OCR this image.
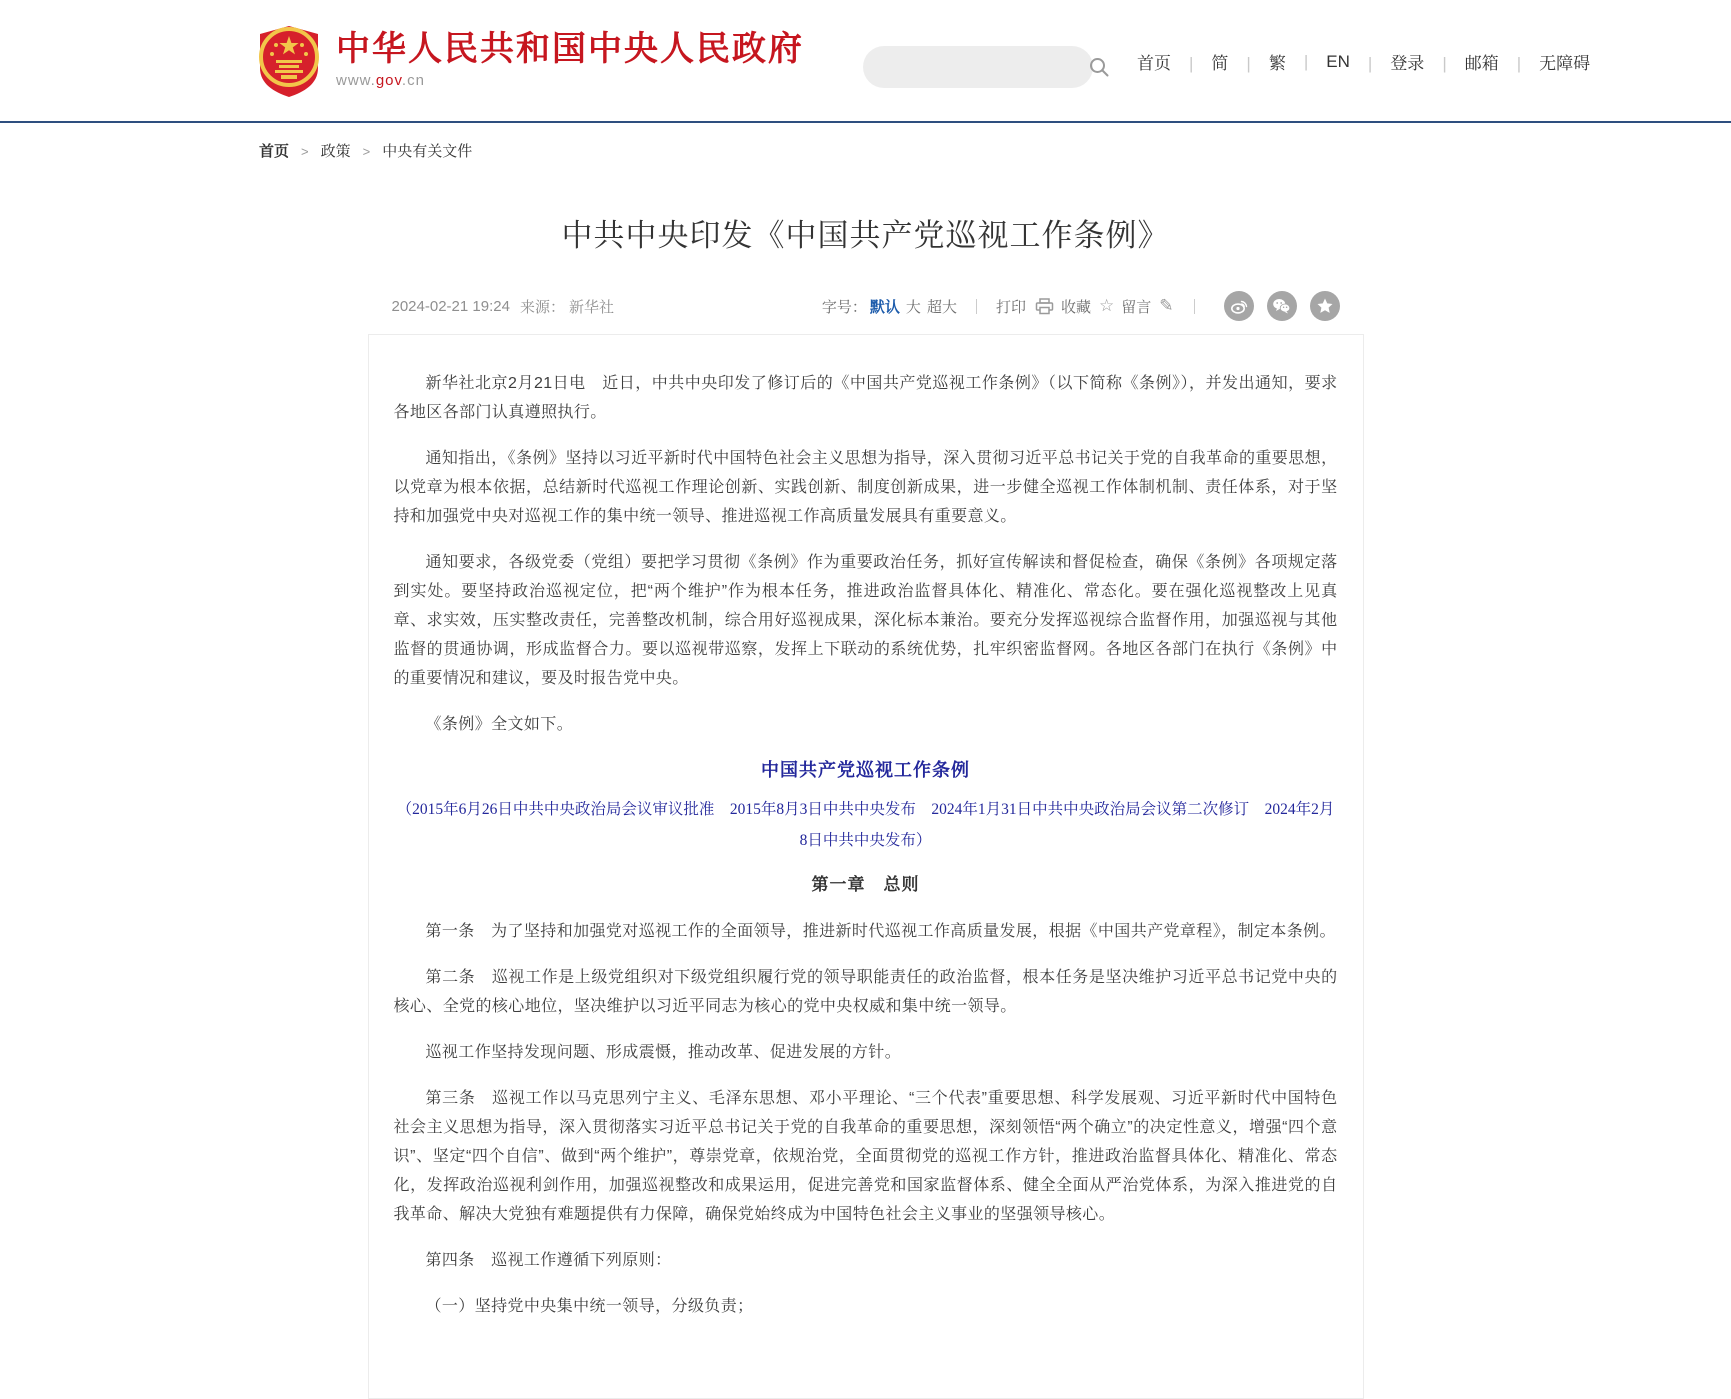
中华人民共和国中央人民政府
www.gov.cn
首页	| 简	| 繁	| EN	| 登录	| 邮箱	| 无障碍
首页	> 政策	> 中央有关文件
中共中央印发《中国共产党巡视工作条例》
2024-02-21 19:24 来源： 新华社	字号： 默认 大 超大	打印 收藏 ☆ 留言 ✎

新华社北京2月21日电　近日，中共中央印发了修订后的《中国共产党巡视工作条例》（以下简称《条例》），并发出通知，要求各地区各部门认真遵照执行。

通知指出，《条例》坚持以习近平新时代中国特色社会主义思想为指导，深入贯彻习近平总书记关于党的自我革命的重要思想，以党章为根本依据，总结新时代巡视工作理论创新、实践创新、制度创新成果，进一步健全巡视工作体制机制、责任体系，对于坚持和加强党中央对巡视工作的集中统一领导、推进巡视工作高质量发展具有重要意义。

通知要求，各级党委（党组）要把学习贯彻《条例》作为重要政治任务，抓好宣传解读和督促检查，确保《条例》各项规定落到实处。要坚持政治巡视定位，把“两个维护”作为根本任务，推进政治监督具体化、精准化、常态化。要在强化巡视整改上见真章、求实效，压实整改责任，完善整改机制，综合用好巡视成果，深化标本兼治。要充分发挥巡视综合监督作用，加强巡视与其他监督的贯通协调，形成监督合力。要以巡视带巡察，发挥上下联动的系统优势，扎牢织密监督网。各地区各部门在执行《条例》中的重要情况和建议，要及时报告党中央。

《条例》全文如下。

中国共产党巡视工作条例

（2015年6月26日中共中央政治局会议审议批准　2015年8月3日中共中央发布　2024年1月31日中共中央政治局会议第二次修订　2024年2月8日中共中央发布）

第一章　总则

第一条　为了坚持和加强党对巡视工作的全面领导，推进新时代巡视工作高质量发展，根据《中国共产党章程》，制定本条例。

第二条　巡视工作是上级党组织对下级党组织履行党的领导职能责任的政治监督，根本任务是坚决维护习近平总书记党中央的核心、全党的核心地位，坚决维护以习近平同志为核心的党中央权威和集中统一领导。

巡视工作坚持发现问题、形成震慑，推动改革、促进发展的方针。

第三条　巡视工作以马克思列宁主义、毛泽东思想、邓小平理论、“三个代表”重要思想、科学发展观、习近平新时代中国特色社会主义思想为指导，深入贯彻落实习近平总书记关于党的自我革命的重要思想，深刻领悟“两个确立”的决定性意义，增强“四个意识”、坚定“四个自信”、做到“两个维护”，尊崇党章，依规治党，全面贯彻党的巡视工作方针，推进政治监督具体化、精准化、常态化，发挥政治巡视利剑作用，加强巡视整改和成果运用，促进完善党和国家监督体系、健全全面从严治党体系，为深入推进党的自我革命、解决大党独有难题提供有力保障，确保党始终成为中国特色社会主义事业的坚强领导核心。

第四条　巡视工作遵循下列原则：

（一）坚持党中央集中统一领导，分级负责；
